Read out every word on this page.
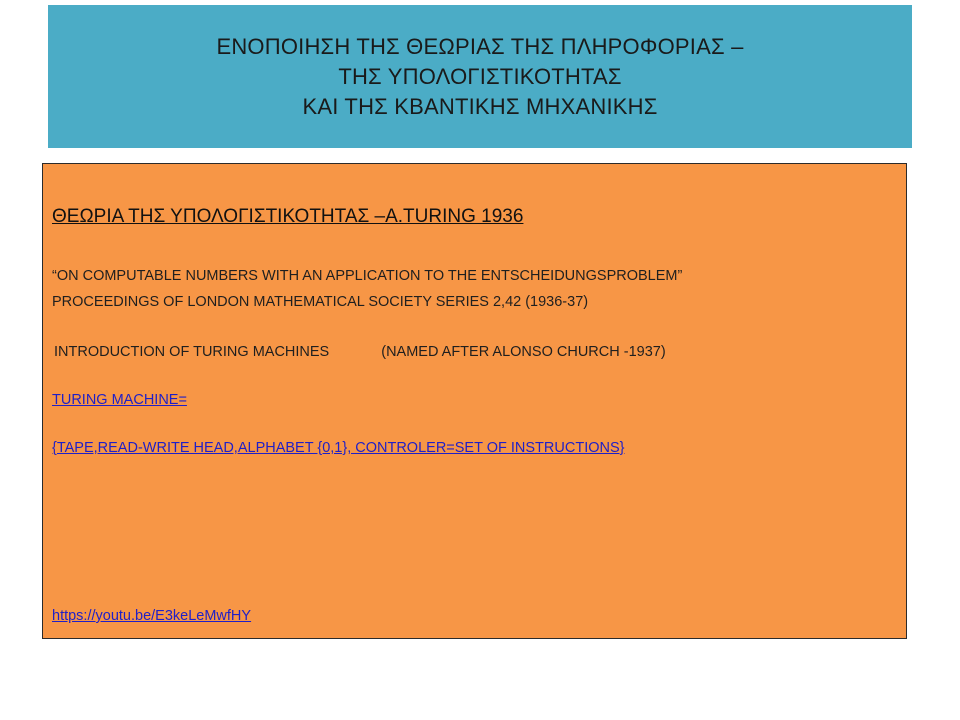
ΕΝΟΠΟΙΗΣΗ ΤΗΣ ΘΕΩΡΙΑΣ ΤΗΣ ΠΛΗΡΟΦΟΡΙΑΣ –
ΤΗΣ ΥΠΟΛΟΓΙΣΤΙΚΟΤΗΤΑΣ
ΚΑΙ ΤΗΣ ΚΒΑΝΤΙΚΗΣ ΜΗΧΑΝΙΚΗΣ
ΘΕΩΡΙΑ ΤΗΣ ΥΠΟΛΟΓΙΣΤΙΚΟΤΗΤΑΣ –A.TURING 1936
“ON COMPUTABLE NUMBERS WITH AN APPLICATION TO THE ENTSCHEIDUNGSPROBLEM”
PROCEEDINGS OF LONDON MATHEMATICAL SOCIETY SERIES 2,42 (1936-37)
INTRODUCTION OF TURING MACHINES	(NAMED AFTER ALONSO CHURCH -1937)
TURING MACHINE=
{TAPE,READ-WRITE HEAD,ALPHABET {0,1}, CONTROLER=SET OF INSTRUCTIONS}
https://youtu.be/E3keLeMwfHY
